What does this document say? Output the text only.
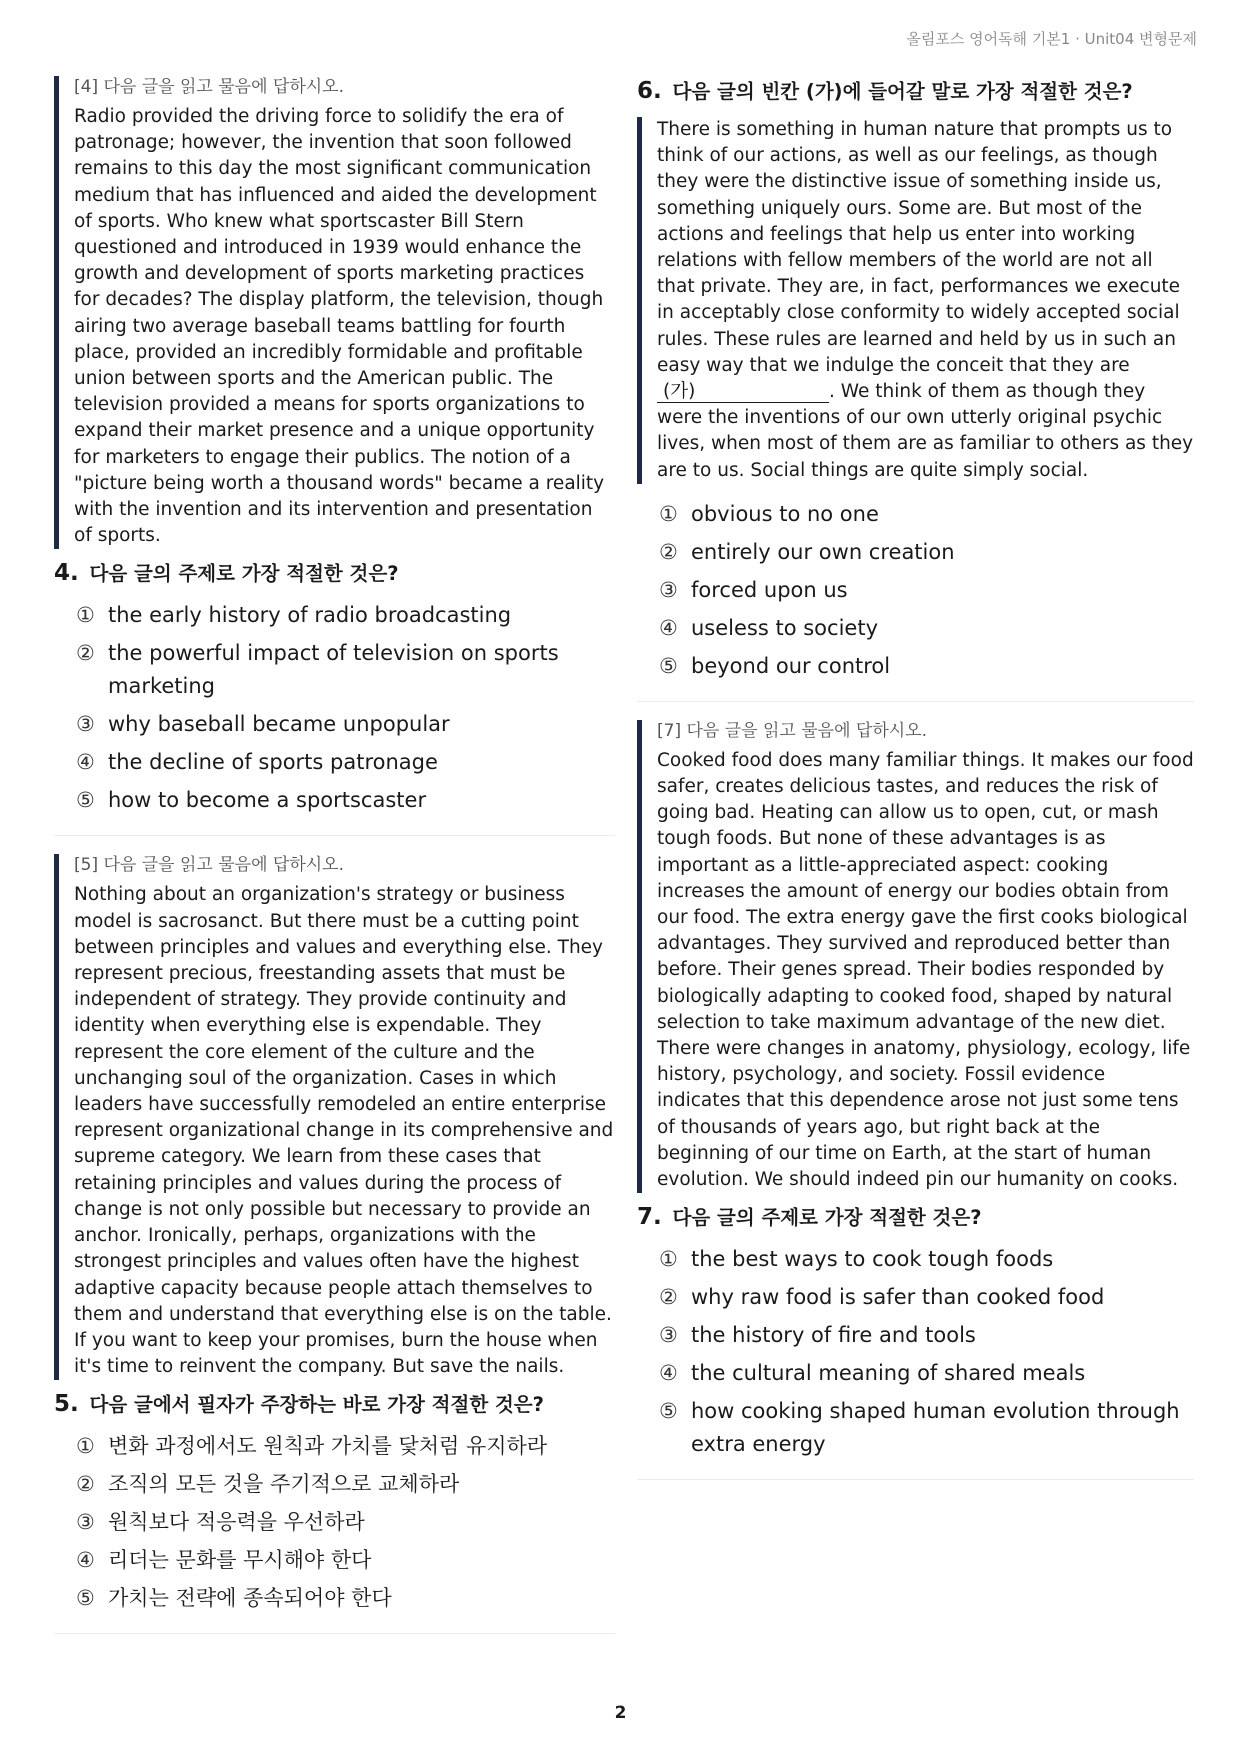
올림포스 영어독해 기본1 · Unit04 변형문제
[4] 다음 글을 읽고 물음에 답하시오.
Radio provided the driving force to solidify the era of patronage; however, the invention that soon followed remains to this day the most significant communication medium that has influenced and aided the development of sports. Who knew what sportscaster Bill Stern questioned and introduced in 1939 would enhance the growth and development of sports marketing practices for decades? The display platform, the television, though airing two average baseball teams battling for fourth place, provided an incredibly formidable and profitable union between sports and the American public. The television provided a means for sports organizations to expand their market presence and a unique opportunity for marketers to engage their publics. The notion of a "picture being worth a thousand words" became a reality with the invention and its intervention and presentation of sports.
4. 다음 글의 주제로 가장 적절한 것은?
① the early history of radio broadcasting
② the powerful impact of television on sports marketing
③ why baseball became unpopular
④ the decline of sports patronage
⑤ how to become a sportscaster
[5] 다음 글을 읽고 물음에 답하시오.
Nothing about an organization's strategy or business model is sacrosanct. But there must be a cutting point between principles and values and everything else. They represent precious, freestanding assets that must be independent of strategy. They provide continuity and identity when everything else is expendable. They represent the core element of the culture and the unchanging soul of the organization. Cases in which leaders have successfully remodeled an entire enterprise represent organizational change in its comprehensive and supreme category. We learn from these cases that retaining principles and values during the process of change is not only possible but necessary to provide an anchor. Ironically, perhaps, organizations with the strongest principles and values often have the highest adaptive capacity because people attach themselves to them and understand that everything else is on the table. If you want to keep your promises, burn the house when it's time to reinvent the company. But save the nails.
5. 다음 글에서 필자가 주장하는 바로 가장 적절한 것은?
① 변화 과정에서도 원칙과 가치를 닻처럼 유지하라
② 조직의 모든 것을 주기적으로 교체하라
③ 원칙보다 적응력을 우선하라
④ 리더는 문화를 무시해야 한다
⑤ 가치는 전략에 종속되어야 한다
6. 다음 글의 빈칸 (가)에 들어갈 말로 가장 적절한 것은?
There is something in human nature that prompts us to think of our actions, as well as our feelings, as though they were the distinctive issue of something inside us, something uniquely ours. Some are. But most of the actions and feelings that help us enter into working relations with fellow members of the world are not all that private. They are, in fact, performances we execute in acceptably close conformity to widely accepted social rules. These rules are learned and held by us in such an easy way that we indulge the conceit that they are (가)	. We think of them as though they were the inventions of our own utterly original psychic lives, when most of them are as familiar to others as they are to us. Social things are quite simply social.
① obvious to no one
② entirely our own creation
③ forced upon us
④ useless to society
⑤ beyond our control
[7] 다음 글을 읽고 물음에 답하시오.
Cooked food does many familiar things. It makes our food safer, creates delicious tastes, and reduces the risk of going bad. Heating can allow us to open, cut, or mash tough foods. But none of these advantages is as important as a little-appreciated aspect: cooking increases the amount of energy our bodies obtain from our food. The extra energy gave the first cooks biological advantages. They survived and reproduced better than before. Their genes spread. Their bodies responded by biologically adapting to cooked food, shaped by natural selection to take maximum advantage of the new diet. There were changes in anatomy, physiology, ecology, life history, psychology, and society. Fossil evidence indicates that this dependence arose not just some tens of thousands of years ago, but right back at the beginning of our time on Earth, at the start of human evolution. We should indeed pin our humanity on cooks.
7. 다음 글의 주제로 가장 적절한 것은?
① the best ways to cook tough foods
② why raw food is safer than cooked food
③ the history of fire and tools
④ the cultural meaning of shared meals
⑤ how cooking shaped human evolution through extra energy
2
